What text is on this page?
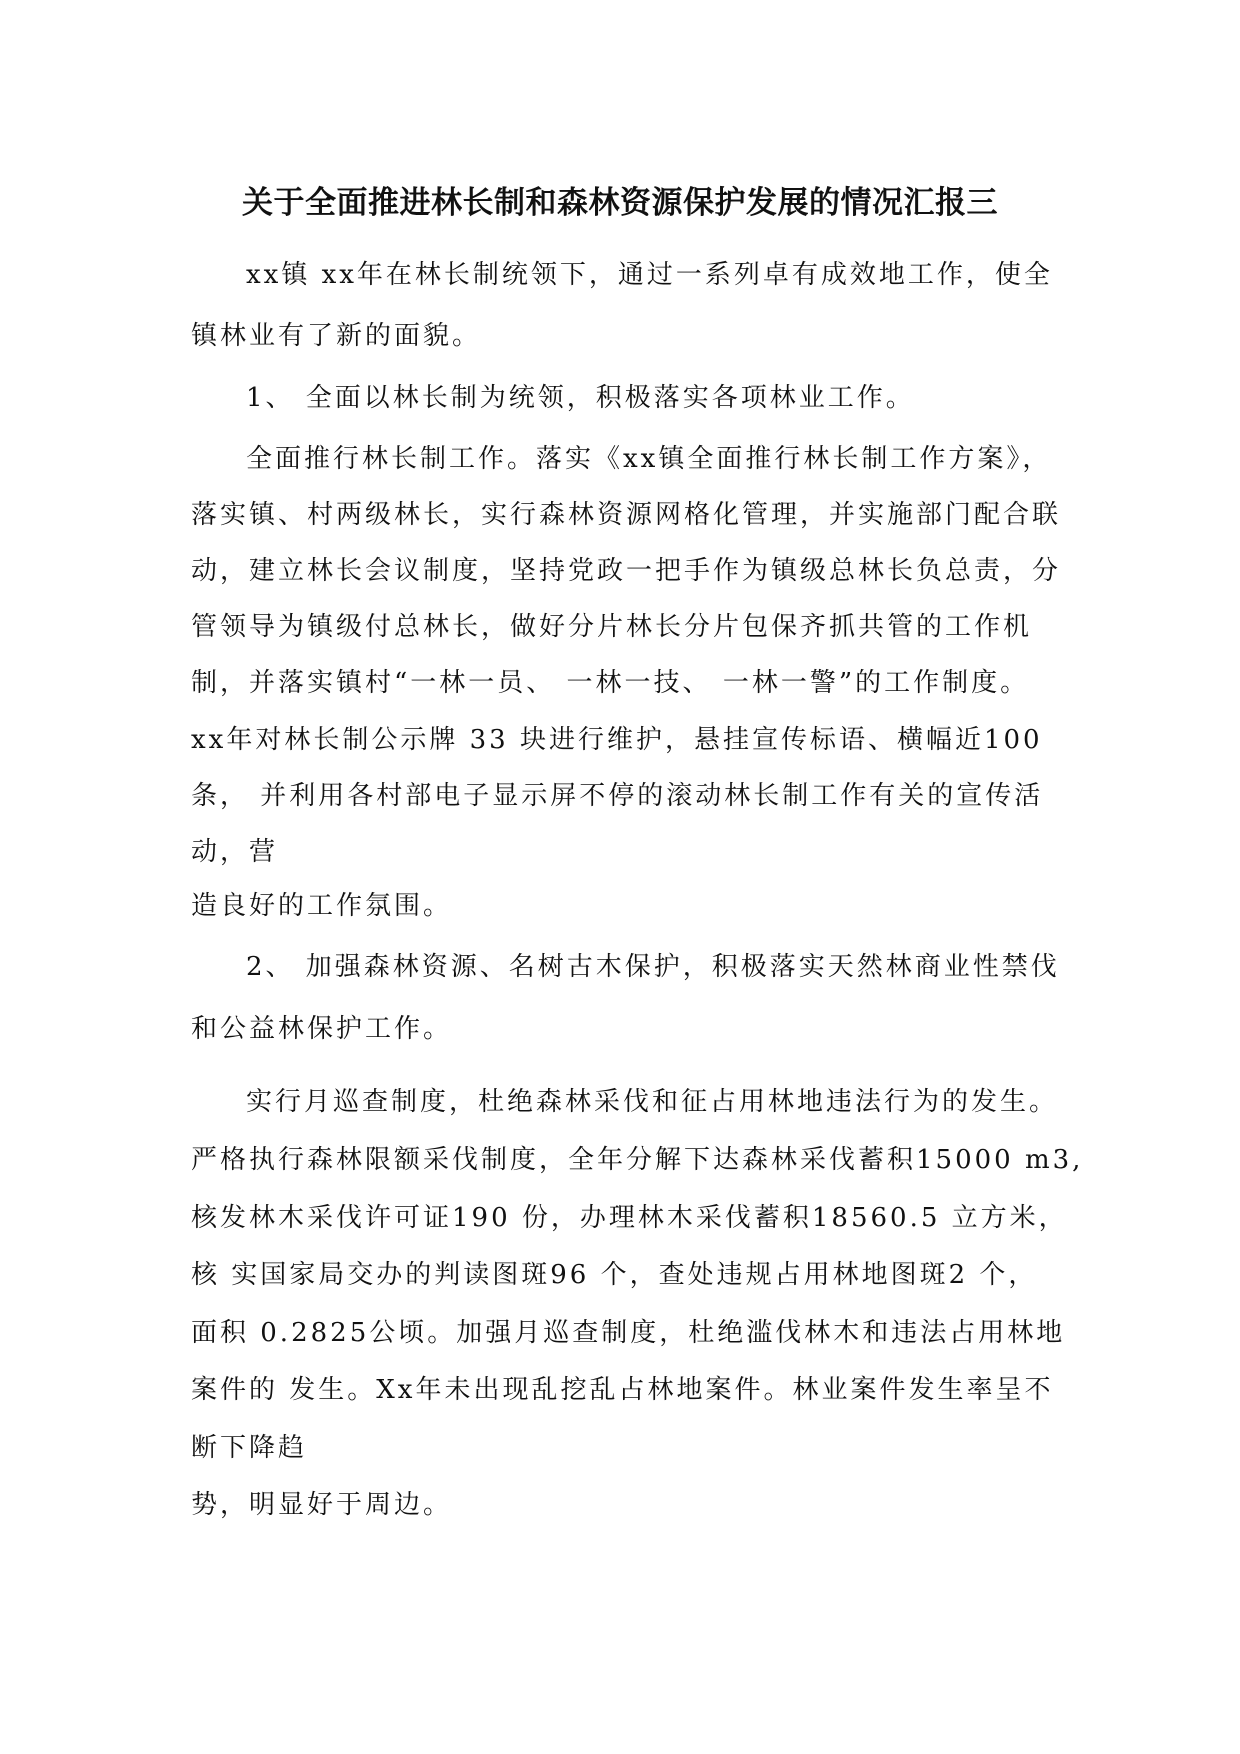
关于全面推进林长制和森林资源保护发展的情况汇报三
xx镇 xx年在林长制统领下，通过一系列卓有成效地工作，使全
镇林业有了新的面貌。
1、 全面以林长制为统领，积极落实各项林业工作。
全面推行林长制工作。落实《xx镇全面推行林长制工作方案》，
落实镇、村两级林长，实行森林资源网格化管理，并实施部门配合联
动，建立林长会议制度，坚持党政一把手作为镇级总林长负总责，分
管领导为镇级付总林长，做好分片林长分片包保齐抓共管的工作机
制，并落实镇村“一林一员、 一林一技、 一林一警”的工作制度。
xx年对林长制公示牌 33 块进行维护，悬挂宣传标语、横幅近100
条， 并利用各村部电子显示屏不停的滚动林长制工作有关的宣传活
动，营
造良好的工作氛围。
2、 加强森林资源、名树古木保护，积极落实天然林商业性禁伐
和公益林保护工作。
实行月巡查制度，杜绝森林采伐和征占用林地违法行为的发生。
严格执行森林限额采伐制度，全年分解下达森林采伐蓄积15000 m3,
核发林木采伐许可证190 份，办理林木采伐蓄积18560.5 立方米，
核 实国家局交办的判读图斑96 个，查处违规占用林地图斑2 个，
面积 0.2825公顷。加强月巡查制度，杜绝滥伐林木和违法占用林地
案件的 发生。Xx年未出现乱挖乱占林地案件。林业案件发生率呈不
断下降趋
势，明显好于周边。
